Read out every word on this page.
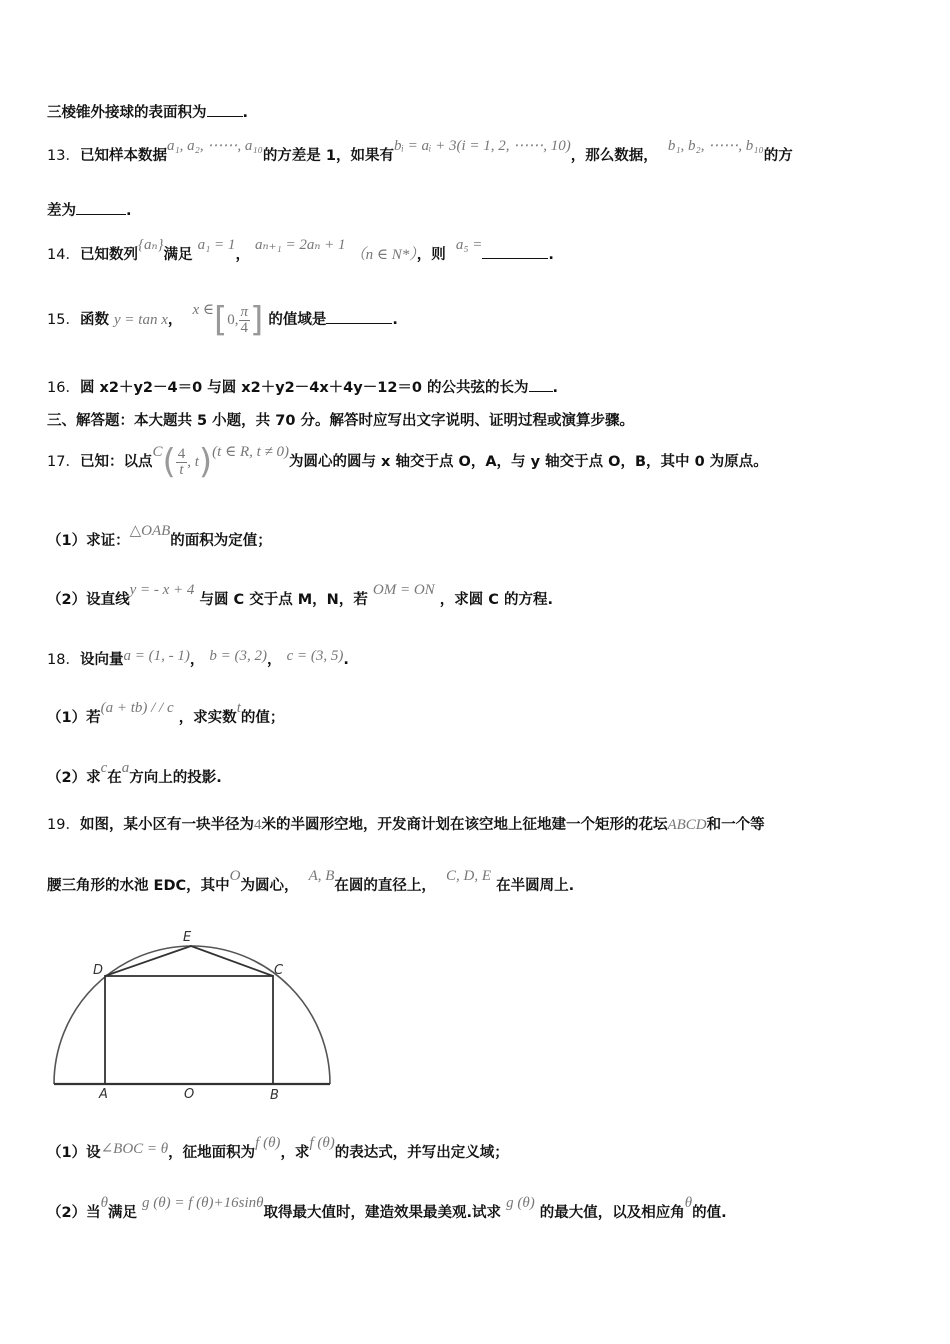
三棱锥外接球的表面积为 .
13．已知样本数据a₁, a₂, ⋯⋯, a₁₀的方差是 1，如果有bᵢ = aᵢ + 3(i = 1, 2, ⋯⋯, 10)，那么数据，  b₁, b₂, ⋯⋯, b₁₀的方
差为	.
14．已知数列{aₙ}满足 a₁ = 1， aₙ₊₁ = 2aₙ + 1 （n ∈ N*），则  a₅ =.
15．函数 y = tan x，  x ∈[0, $\frac{\pi}{4}$ ] 的值域是	.
16．圆 x2＋y2－4＝0 与圆 x2＋y2－4x＋4y－12＝0 的公共弦的长为 .
三、解答题：本大题共 5 小题，共 70 分。解答时应写出文字说明、证明过程或演算步骤。
17．已知：以点$C( \frac{4}{t}$ , t)(t ∈ R, t ≠ 0)为圆心的圆与 x 轴交于点 O，A，与 y 轴交于点 O，B，其中 0 为原点。
（1）求证：△OAB的面积为定值；
（2）设直线y = - x + 4 与圆 C 交于点 M，N，若 OM = ON ，求圆 C 的方程.
18．设向量a = (1, - 1)， b = (3, 2)， c = (3, 5).
（1）若(a + tb) / / c ，求实数t的值；
（2）求c在a方向上的投影.
19．如图，某小区有一块半径为4米的半圆形空地，开发商计划在该空地上征地建一个矩形的花坛ABCD和一个等
腰三角形的水池 EDC，其中O为圆心，  A, B在圆的直径上，  C, D, E 在半圆周上.
E
D	C
A	O	B
（1）设∠BOC = θ，征地面积为f (θ)，求f (θ)的表达式，并写出定义域；
（2）当θ满足 g (θ) = f (θ)+16sinθ取得最大值时，建造效果最美观.试求 g (θ) 的最大值，以及相应角θ的值.
